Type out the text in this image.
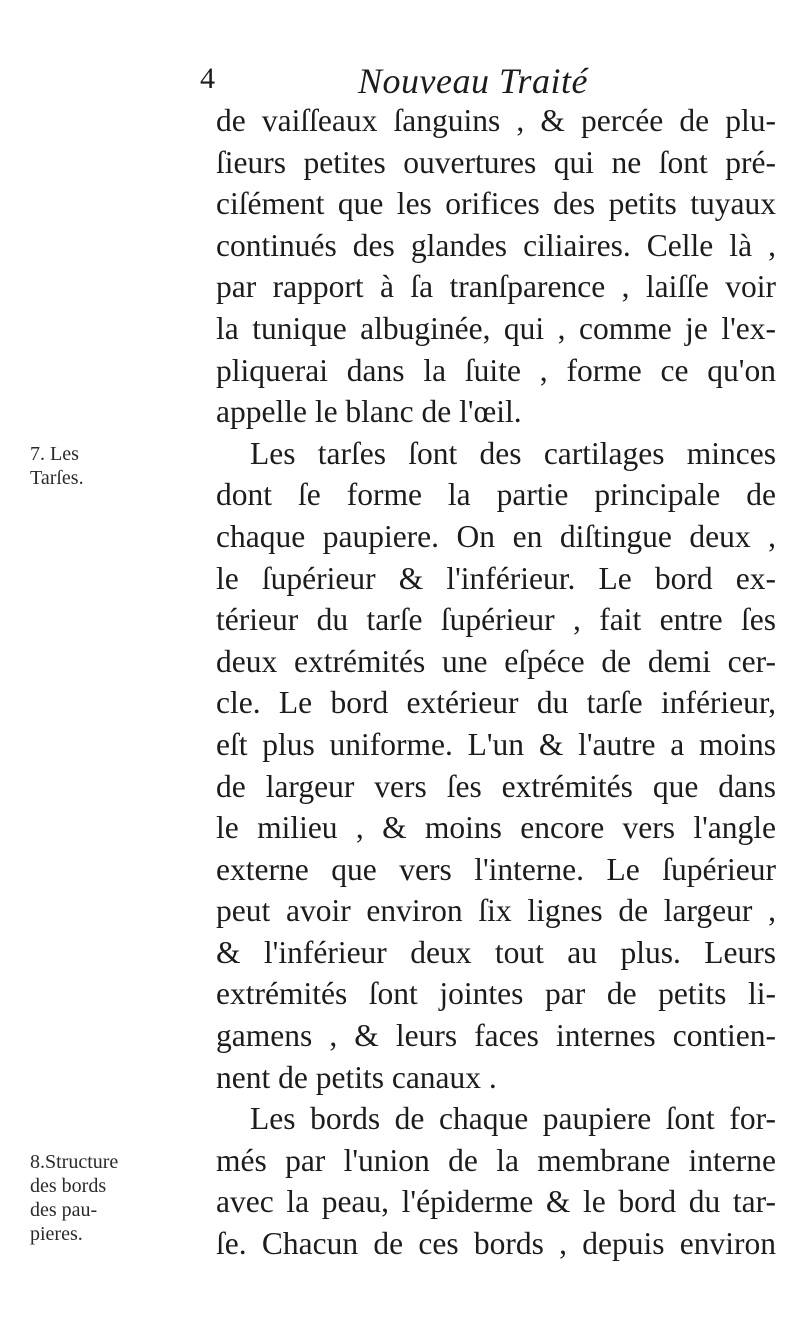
4	Nouveau Traité
7. Les
Tarſes.
8.Structure
des bords
des pau-
pieres.
de vaiſſeaux ſanguins , & percée de plu-
ſieurs petites ouvertures qui ne ſont pré-
ciſément que les orifices des petits tuyaux
continués des glandes ciliaires. Celle là ,
par rapport à ſa tranſparence , laiſſe voir
la tunique albuginée, qui , comme je l'ex-
pliquerai dans la ſuite , forme ce qu'on
appelle le blanc de l'œil.
Les tarſes ſont des cartilages minces
dont ſe forme la partie principale de
chaque paupiere. On en diſtingue deux ,
le ſupérieur & l'inférieur. Le bord ex-
térieur du tarſe ſupérieur , fait entre ſes
deux extrémités une eſpéce de demi cer-
cle. Le bord extérieur du tarſe inférieur,
eſt plus uniforme. L'un & l'autre a moins
de largeur vers ſes extrémités que dans
le milieu , & moins encore vers l'angle
externe que vers l'interne. Le ſupérieur
peut avoir environ ſix lignes de largeur ,
& l'inférieur deux tout au plus. Leurs
extrémités ſont jointes par de petits li-
gamens , & leurs faces internes contien-
nent de petits canaux .
Les bords de chaque paupiere ſont for-
més par l'union de la membrane interne
avec la peau, l'épiderme & le bord du tar-
ſe. Chacun de ces bords , depuis environ
